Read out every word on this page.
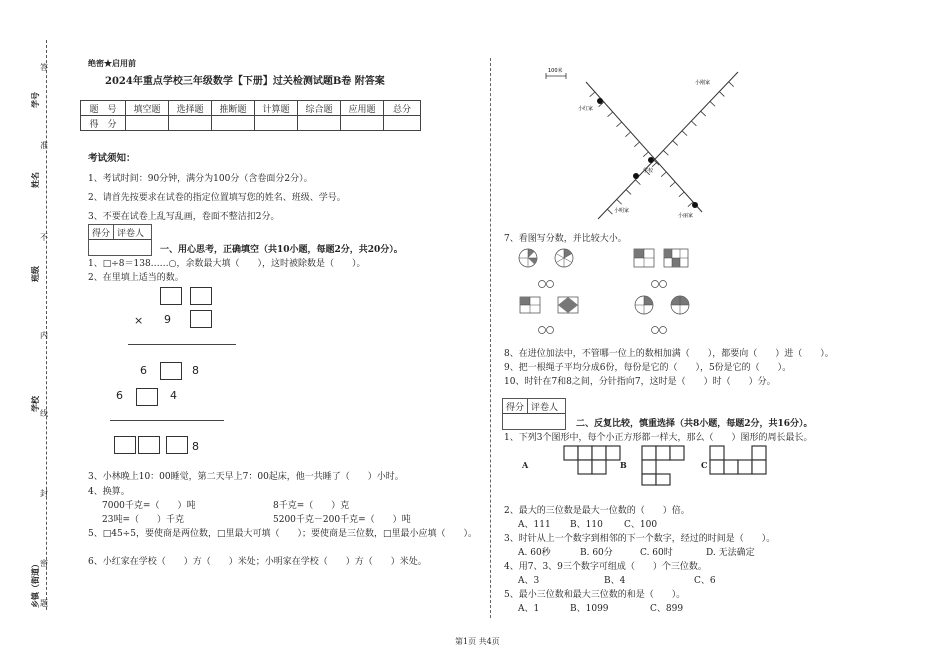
学号
姓名
班级
学校
乡镇（街道）
答
准
不
内
线
封
密
题
绝密★启用前
2024年重点学校三年级数学【下册】过关检测试题B卷 附答案
题　号	填空题	选择题	推断题	计算题	综合题	应用题	总分
得　分							
考试须知：
1、考试时间：90分钟，满分为100分（含卷面分2分）。
2、请首先按要求在试卷的指定位置填写您的姓名、班级、学号。
3、不要在试卷上乱写乱画，卷面不整洁扣2分。
得分 评卷人
一、用心思考，正确填空（共10小题，每题2分，共20分）。
1、□÷8＝138……○，余数最大填（　　），这时被除数是（　　）。
2、在里填上适当的数。
× 9
6	8
6	4
8
3、小林晚上10：00睡觉，第二天早上7：00起床，他一共睡了（　　）小时。
4、换算。
7000千克=（　　）吨	8千克=（　　）克
23吨=（　　）千克	5200千克－200千克=（　　）吨
5、□45÷5，要使商是两位数，□里最大可填（　　）；要使商是三位数，□里最小应填（　　）。
6、小红家在学校（　　）方（　　）米处；小明家在学校（　　）方（　　）米处。
100米
小红家
小刚家
学校
小明家
小丽家
7、看图写分数，并比较大小。
8、在进位加法中，不管哪一位上的数相加满（　　），都要向（　　）进（　　）。
9、把一根绳子平均分成6份，每份是它的（　　），5份是它的（　　）。
10、时针在7和8之间，分针指向7，这时是（　　）时（　　）分。
得分 评卷人
二、反复比较，慎重选择（共8小题，每题2分，共16分）。
1、下列3个图形中，每个小正方形都一样大，那么（　　）图形的周长最长。
A	B	C
2、最大的三位数是最大一位数的（　　）倍。
A、111 B、110 C、100
3、时针从上一个数字到相邻的下一个数字，经过的时间是（　　）。
A. 60秒	B. 60分	C. 60时	D. 无法确定
4、用7、3、9三个数字可组成（　　）个三位数。
A、3	B、4	C、6
5、最小三位数和最大三位数的和是（　　）。
A、1	B、1099	C、899
第1页 共4页
